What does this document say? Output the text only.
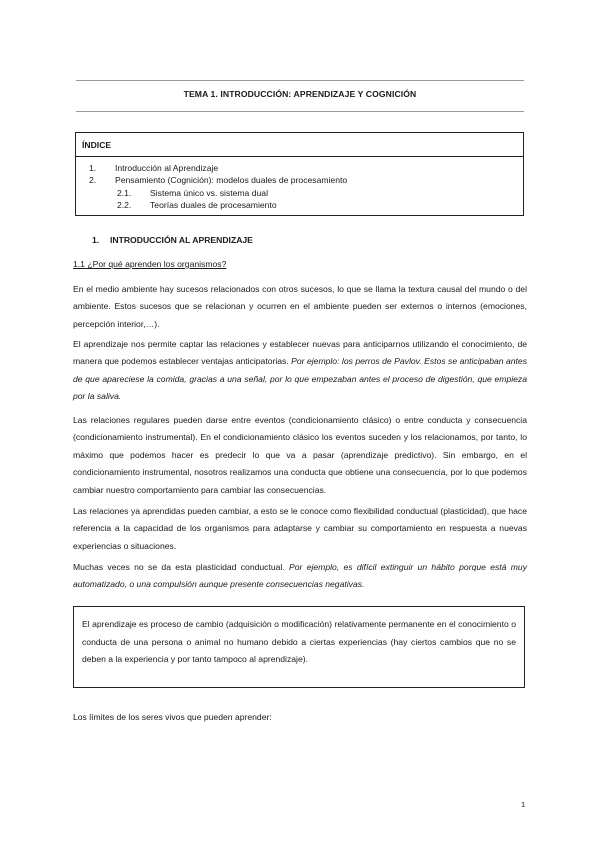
TEMA 1. INTRODUCCIÓN: APRENDIZAJE Y COGNICIÓN
ÍNDICE
1. Introducción al Aprendizaje
2. Pensamiento (Cognición): modelos duales de procesamiento
2.1. Sistema único vs. sistema dual
2.2. Teorías duales de procesamiento
1. INTRODUCCIÓN AL APRENDIZAJE
1.1 ¿Por qué aprenden los organismos?

En el medio ambiente hay sucesos relacionados con otros sucesos, lo que se llama la textura causal del mundo o del ambiente. Estos sucesos que se relacionan y ocurren en el ambiente pueden ser externos o internos (emociones, percepción interior,…).

El aprendizaje nos permite captar las relaciones y establecer nuevas para anticiparnos utilizando el conocimiento, de manera que podemos establecer ventajas anticipatorias. Por ejemplo: los perros de Pavlov. Estos se anticipaban antes de que apareciese la comida, gracias a una señal, por lo que empezaban antes el proceso de digestión, que empieza por la saliva.

Las relaciones regulares pueden darse entre eventos (condicionamiento clásico) o entre conducta y consecuencia (condicionamiento instrumental). En el condicionamiento clásico los eventos suceden y los relacionamos, por tanto, lo máximo que podemos hacer es predecir lo que va a pasar (aprendizaje predictivo). Sin embargo, en el condicionamiento instrumental, nosotros realizamos una conducta que obtiene una consecuencia, por lo que podemos cambiar nuestro comportamiento para cambiar las consecuencias.

Las relaciones ya aprendidas pueden cambiar, a esto se le conoce como flexibilidad conductual (plasticidad), que hace referencia a la capacidad de los organismos para adaptarse y cambiar su comportamiento en respuesta a nuevas experiencias o situaciones.

Muchas veces no se da esta plasticidad conductual. Por ejemplo, es difícil extinguir un hábito porque está muy automatizado, o una compulsión aunque presente consecuencias negativas.

El aprendizaje es proceso de cambio (adquisición o modificación) relativamente permanente en el conocimiento o conducta de una persona o animal no humano debido a ciertas experiencias (hay ciertos cambios que no se deben a la experiencia y por tanto tampoco al aprendizaje).
Los límites de los seres vivos que pueden aprender:
1
